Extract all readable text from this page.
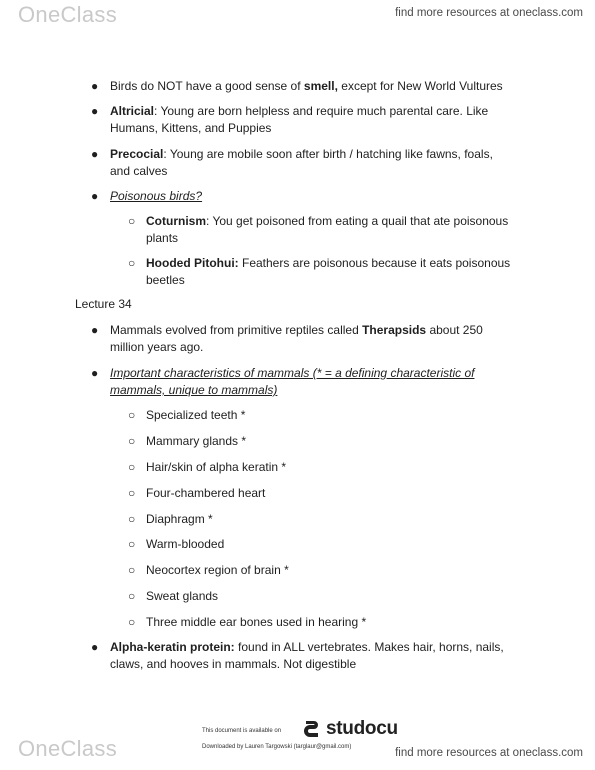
OneClass	find more resources at oneclass.com
● Birds do NOT have a good sense of smell, except for New World Vultures
● Altricial: Young are born helpless and require much parental care. Like
Humans, Kittens, and Puppies
● Precocial: Young are mobile soon after birth / hatching like fawns, foals,
and calves
● Poisonous birds?
○ Coturnism: You get poisoned from eating a quail that ate poisonous
plants
○ Hooded Pitohui: Feathers are poisonous because it eats poisonous
beetles
Lecture 34
● Mammals evolved from primitive reptiles called Therapsids about 250
million years ago.
● Important characteristics of mammals (* = a defining characteristic of
mammals, unique to mammals)
○ Specialized teeth *
○ Mammary glands *
○ Hair/skin of alpha keratin *
○ Four-chambered heart
○ Diaphragm *
○ Warm-blooded
○ Neocortex region of brain *
○ Sweat glands
○ Three middle ear bones used in hearing *
● Alpha-keratin protein: found in ALL vertebrates. Makes hair, horns, nails,
claws, and hooves in mammals. Not digestible
This document is available on studocu
Downloaded by Lauren Targowski (targlaur@gmail.com)
OneClass	find more resources at oneclass.com
